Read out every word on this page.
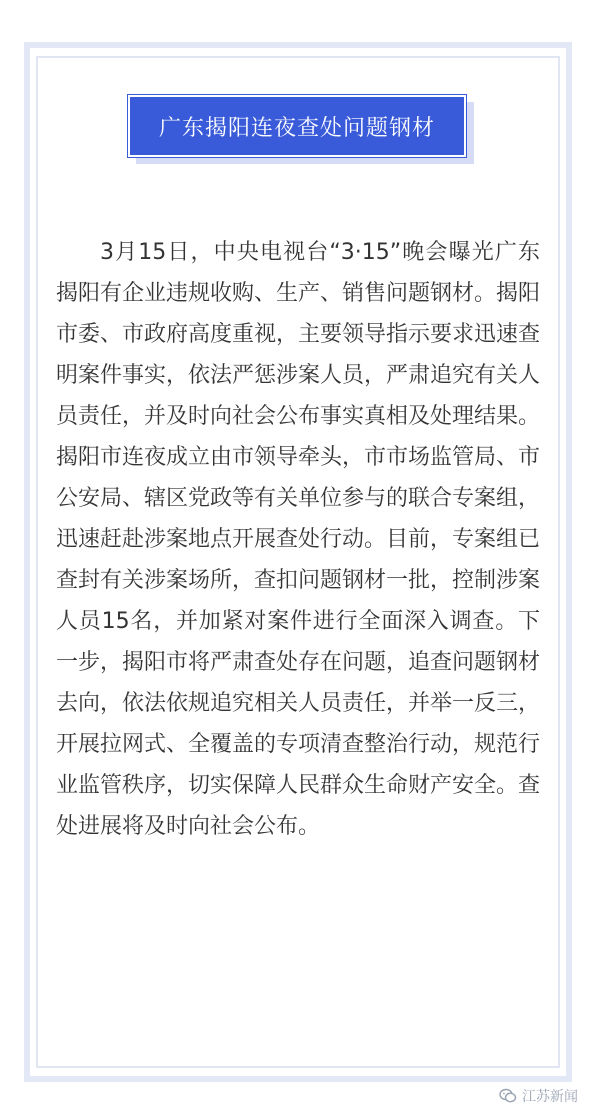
广东揭阳连夜查处问题钢材

3月15日，中央电视台“3·15”晚会曝光广东揭阳有企业违规收购、生产、销售问题钢材。揭阳市委、市政府高度重视，主要领导指示要求迅速查明案件事实，依法严惩涉案人员，严肃追究有关人员责任，并及时向社会公布事实真相及处理结果。揭阳市连夜成立由市领导牵头，市市场监管局、市公安局、辖区党政等有关单位参与的联合专案组，迅速赶赴涉案地点开展查处行动。目前，专案组已查封有关涉案场所，查扣问题钢材一批，控制涉案人员15名，并加紧对案件进行全面深入调查。下一步，揭阳市将严肃查处存在问题，追查问题钢材去向，依法依规追究相关人员责任，并举一反三，开展拉网式、全覆盖的专项清查整治行动，规范行业监管秩序，切实保障人民群众生命财产安全。查处进展将及时向社会公布。

江苏新闻
